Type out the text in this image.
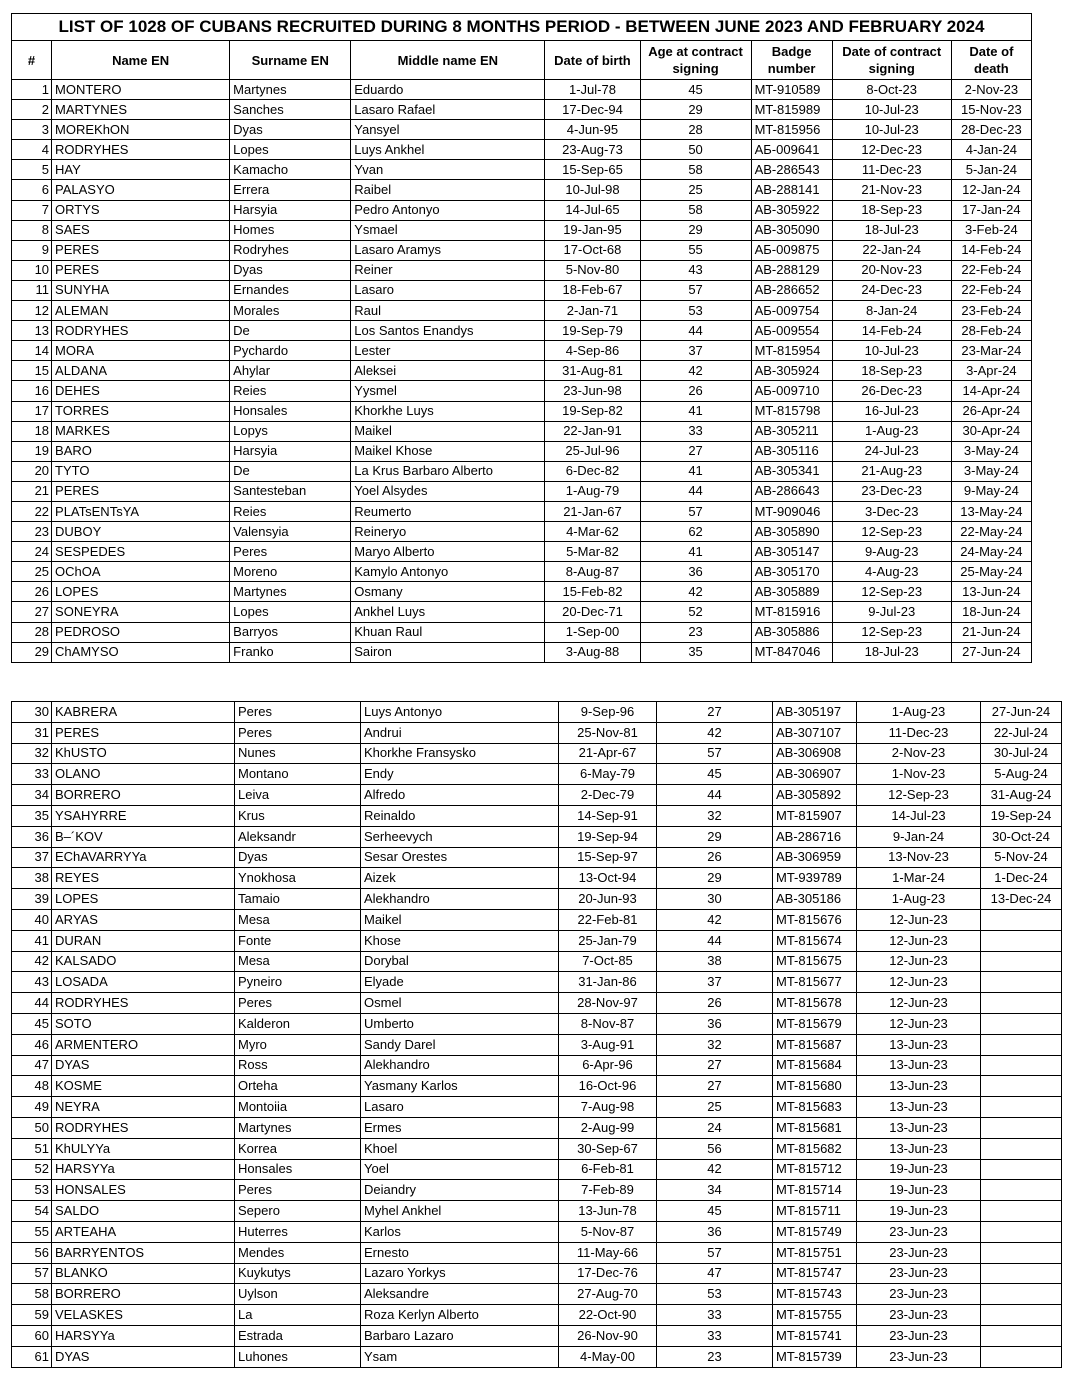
LIST OF 1028 OF CUBANS RECRUITED DURING 8 MONTHS PERIOD - BETWEEN JUNE 2023 AND FEBRUARY 2024								
#	Name EN	Surname EN	Middle name EN	Date of birth	Age at contract signing	Badge number	Date of contract signing	Date of death
1	MONTERO	Martynes	Eduardo	1-Jul-78	45	MT-910589	8-Oct-23	2-Nov-23
2	MARTYNES	Sanches	Lasaro Rafael	17-Dec-94	29	MT-815989	10-Jul-23	15-Nov-23
3	MOREKhON	Dyas	Yansyel	4-Jun-95	28	MT-815956	10-Jul-23	28-Dec-23
4	RODRYHES	Lopes	Luys Ankhel	23-Aug-73	50	АБ-009641	12-Dec-23	4-Jan-24
5	HAY	Kamacho	Yvan	15-Sep-65	58	AB-286543	11-Dec-23	5-Jan-24
6	PALASYO	Errera	Raibel	10-Jul-98	25	AB-288141	21-Nov-23	12-Jan-24
7	ORTYS	Harsyia	Pedro Antonyo	14-Jul-65	58	AB-305922	18-Sep-23	17-Jan-24
8	SAES	Homes	Ysmael	19-Jan-95	29	AB-305090	18-Jul-23	3-Feb-24
9	PERES	Rodryhes	Lasaro Aramys	17-Oct-68	55	АБ-009875	22-Jan-24	14-Feb-24
10	PERES	Dyas	Reiner	5-Nov-80	43	AB-288129	20-Nov-23	22-Feb-24
11	SUNYHA	Ernandes	Lasaro	18-Feb-67	57	AB-286652	24-Dec-23	22-Feb-24
12	ALEMAN	Morales	Raul	2-Jan-71	53	АБ-009754	8-Jan-24	23-Feb-24
13	RODRYHES	De	Los Santos Enandys	19-Sep-79	44	АБ-009554	14-Feb-24	28-Feb-24
14	MORA	Pychardo	Lester	4-Sep-86	37	MT-815954	10-Jul-23	23-Mar-24
15	ALDANA	Ahylar	Aleksei	31-Aug-81	42	AB-305924	18-Sep-23	3-Apr-24
16	DEHES	Reies	Yysmel	23-Jun-98	26	АБ-009710	26-Dec-23	14-Apr-24
17	TORRES	Honsales	Khorkhe Luys	19-Sep-82	41	MT-815798	16-Jul-23	26-Apr-24
18	MARKES	Lopys	Maikel	22-Jan-91	33	AB-305211	1-Aug-23	30-Apr-24
19	BARO	Harsyia	Maikel Khose	25-Jul-96	27	AB-305116	24-Jul-23	3-May-24
20	TYTO	De	La Krus Barbaro Alberto	6-Dec-82	41	AB-305341	21-Aug-23	3-May-24
21	PERES	Santesteban	Yoel Alsydes	1-Aug-79	44	AB-286643	23-Dec-23	9-May-24
22	PLATsENTsYA	Reies	Reumerto	21-Jan-67	57	MT-909046	3-Dec-23	13-May-24
23	DUBOY	Valensyia	Reineryo	4-Mar-62	62	AB-305890	12-Sep-23	22-May-24
24	SESPEDES	Peres	Maryo Alberto	5-Mar-82	41	AB-305147	9-Aug-23	24-May-24
25	OChOA	Moreno	Kamylo Antonyo	8-Aug-87	36	AB-305170	4-Aug-23	25-May-24
26	LOPES	Martynes	Osmany	15-Feb-82	42	AB-305889	12-Sep-23	13-Jun-24
27	SONEYRA	Lopes	Ankhel Luys	20-Dec-71	52	MT-815916	9-Jul-23	18-Jun-24
28	PEDROSO	Barryos	Khuan Raul	1-Sep-00	23	AB-305886	12-Sep-23	21-Jun-24
29	ChAMYSO	Franko	Sairon	3-Aug-88	35	MT-847046	18-Jul-23	27-Jun-24
30	KABRERA	Peres	Luys Antonyo	9-Sep-96	27	AB-305197	1-Aug-23	27-Jun-24
31	PERES	Peres	Andrui	25-Nov-81	42	AB-307107	11-Dec-23	22-Jul-24
32	KhUSTO	Nunes	Khorkhe Fransysko	21-Apr-67	57	AB-306908	2-Nov-23	30-Jul-24
33	OLANO	Montano	Endy	6-May-79	45	AB-306907	1-Nov-23	5-Aug-24
34	BORRERO	Leiva	Alfredo	2-Dec-79	44	AB-305892	12-Sep-23	31-Aug-24
35	YSAHYRRE	Krus	Reinaldo	14-Sep-91	32	MT-815907	14-Jul-23	19-Sep-24
36	B–´KOV	Aleksandr	Serheevych	19-Sep-94	29	AB-286716	9-Jan-24	30-Oct-24
37	EChAVARRYYa	Dyas	Sesar Orestes	15-Sep-97	26	AB-306959	13-Nov-23	5-Nov-24
38	REYES	Ynokhosa	Aizek	13-Oct-94	29	MT-939789	1-Mar-24	1-Dec-24
39	LOPES	Tamaio	Alekhandro	20-Jun-93	30	AB-305186	1-Aug-23	13-Dec-24
40	ARYAS	Mesa	Maikel	22-Feb-81	42	MT-815676	12-Jun-23	
41	DURAN	Fonte	Khose	25-Jan-79	44	MT-815674	12-Jun-23	
42	KALSADO	Mesa	Dorybal	7-Oct-85	38	MT-815675	12-Jun-23	
43	LOSADA	Pyneiro	Elyade	31-Jan-86	37	MT-815677	12-Jun-23	
44	RODRYHES	Peres	Osmel	28-Nov-97	26	MT-815678	12-Jun-23	
45	SOTO	Kalderon	Umberto	8-Nov-87	36	MT-815679	12-Jun-23	
46	ARMENTERO	Myro	Sandy Darel	3-Aug-91	32	MT-815687	13-Jun-23	
47	DYAS	Ross	Alekhandro	6-Apr-96	27	MT-815684	13-Jun-23	
48	KOSME	Orteha	Yasmany Karlos	16-Oct-96	27	MT-815680	13-Jun-23	
49	NEYRA	Montoiia	Lasaro	7-Aug-98	25	MT-815683	13-Jun-23	
50	RODRYHES	Martynes	Ermes	2-Aug-99	24	MT-815681	13-Jun-23	
51	KhULYYa	Korrea	Khoel	30-Sep-67	56	MT-815682	13-Jun-23	
52	HARSYYa	Honsales	Yoel	6-Feb-81	42	MT-815712	19-Jun-23	
53	HONSALES	Peres	Deiandry	7-Feb-89	34	MT-815714	19-Jun-23	
54	SALDO	Sepero	Myhel Ankhel	13-Jun-78	45	MT-815711	19-Jun-23	
55	ARTEAHA	Huterres	Karlos	5-Nov-87	36	MT-815749	23-Jun-23	
56	BARRYENTOS	Mendes	Ernesto	11-May-66	57	MT-815751	23-Jun-23	
57	BLANKO	Kuykutys	Lazaro Yorkys	17-Dec-76	47	MT-815747	23-Jun-23	
58	BORRERO	Uylson	Aleksandre	27-Aug-70	53	MT-815743	23-Jun-23	
59	VELASKES	La	Roza Kerlyn Alberto	22-Oct-90	33	MT-815755	23-Jun-23	
60	HARSYYa	Estrada	Barbaro Lazaro	26-Nov-90	33	MT-815741	23-Jun-23	
61	DYAS	Luhones	Ysam	4-May-00	23	MT-815739	23-Jun-23	
